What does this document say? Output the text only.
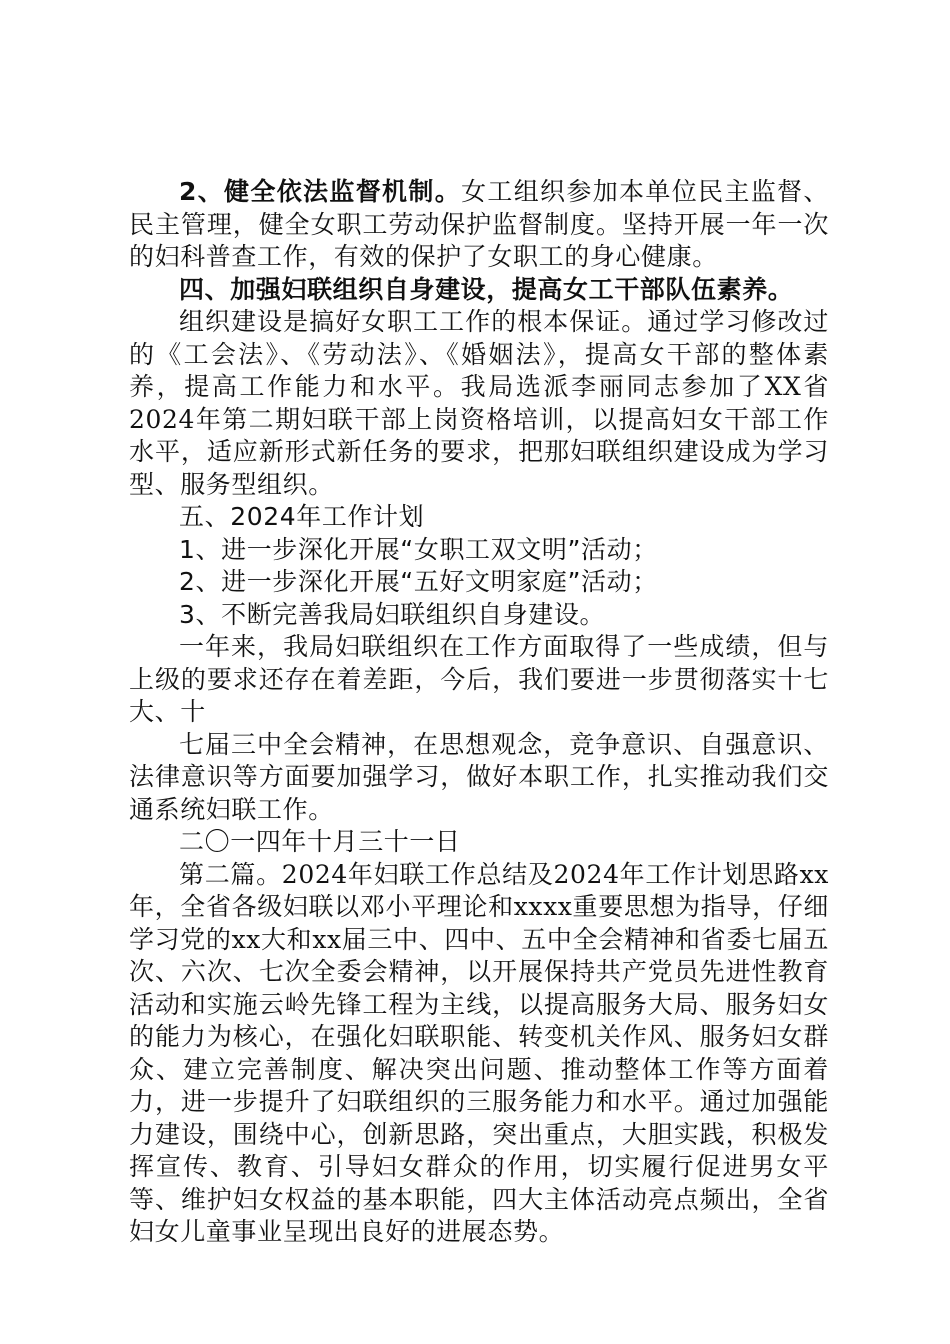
2、健全依法监督机制。女工组织参加本单位民主监督、民主管理，健全女职工劳动保护监督制度。坚持开展一年一次的妇科普查工作，有效的保护了女职工的身心健康。

四、加强妇联组织自身建设，提高女工干部队伍素养。

组织建设是搞好女职工工作的根本保证。通过学习修改过的《工会法》、《劳动法》、《婚姻法》，提高女干部的整体素养，提高工作能力和水平。我局选派李丽同志参加了XX省2024年第二期妇联干部上岗资格培训，以提高妇女干部工作水平，适应新形式新任务的要求，把那妇联组织建设成为学习型、服务型组织。

五、2024年工作计划

1、进一步深化开展“女职工双文明”活动；

2、进一步深化开展“五好文明家庭”活动；

3、不断完善我局妇联组织自身建设。

一年来，我局妇联组织在工作方面取得了一些成绩，但与上级的要求还存在着差距，今后，我们要进一步贯彻落实十七大、十

七届三中全会精神，在思想观念，竞争意识、自强意识、法律意识等方面要加强学习，做好本职工作，扎实推动我们交通系统妇联工作。

二〇一四年十月三十一日

第二篇。2024年妇联工作总结及2024年工作计划思路xx年，全省各级妇联以邓小平理论和xxxx重要思想为指导，仔细学习党的xx大和xx届三中、四中、五中全会精神和省委七届五次、六次、七次全委会精神，以开展保持共产党员先进性教育活动和实施云岭先锋工程为主线，以提高服务大局、服务妇女的能力为核心，在强化妇联职能、转变机关作风、服务妇女群众、建立完善制度、解决突出问题、推动整体工作等方面着力，进一步提升了妇联组织的三服务能力和水平。通过加强能力建设，围绕中心，创新思路，突出重点，大胆实践，积极发挥宣传、教育、引导妇女群众的作用，切实履行促进男女平等、维护妇女权益的基本职能，四大主体活动亮点频出，全省妇女儿童事业呈现出良好的进展态势。
